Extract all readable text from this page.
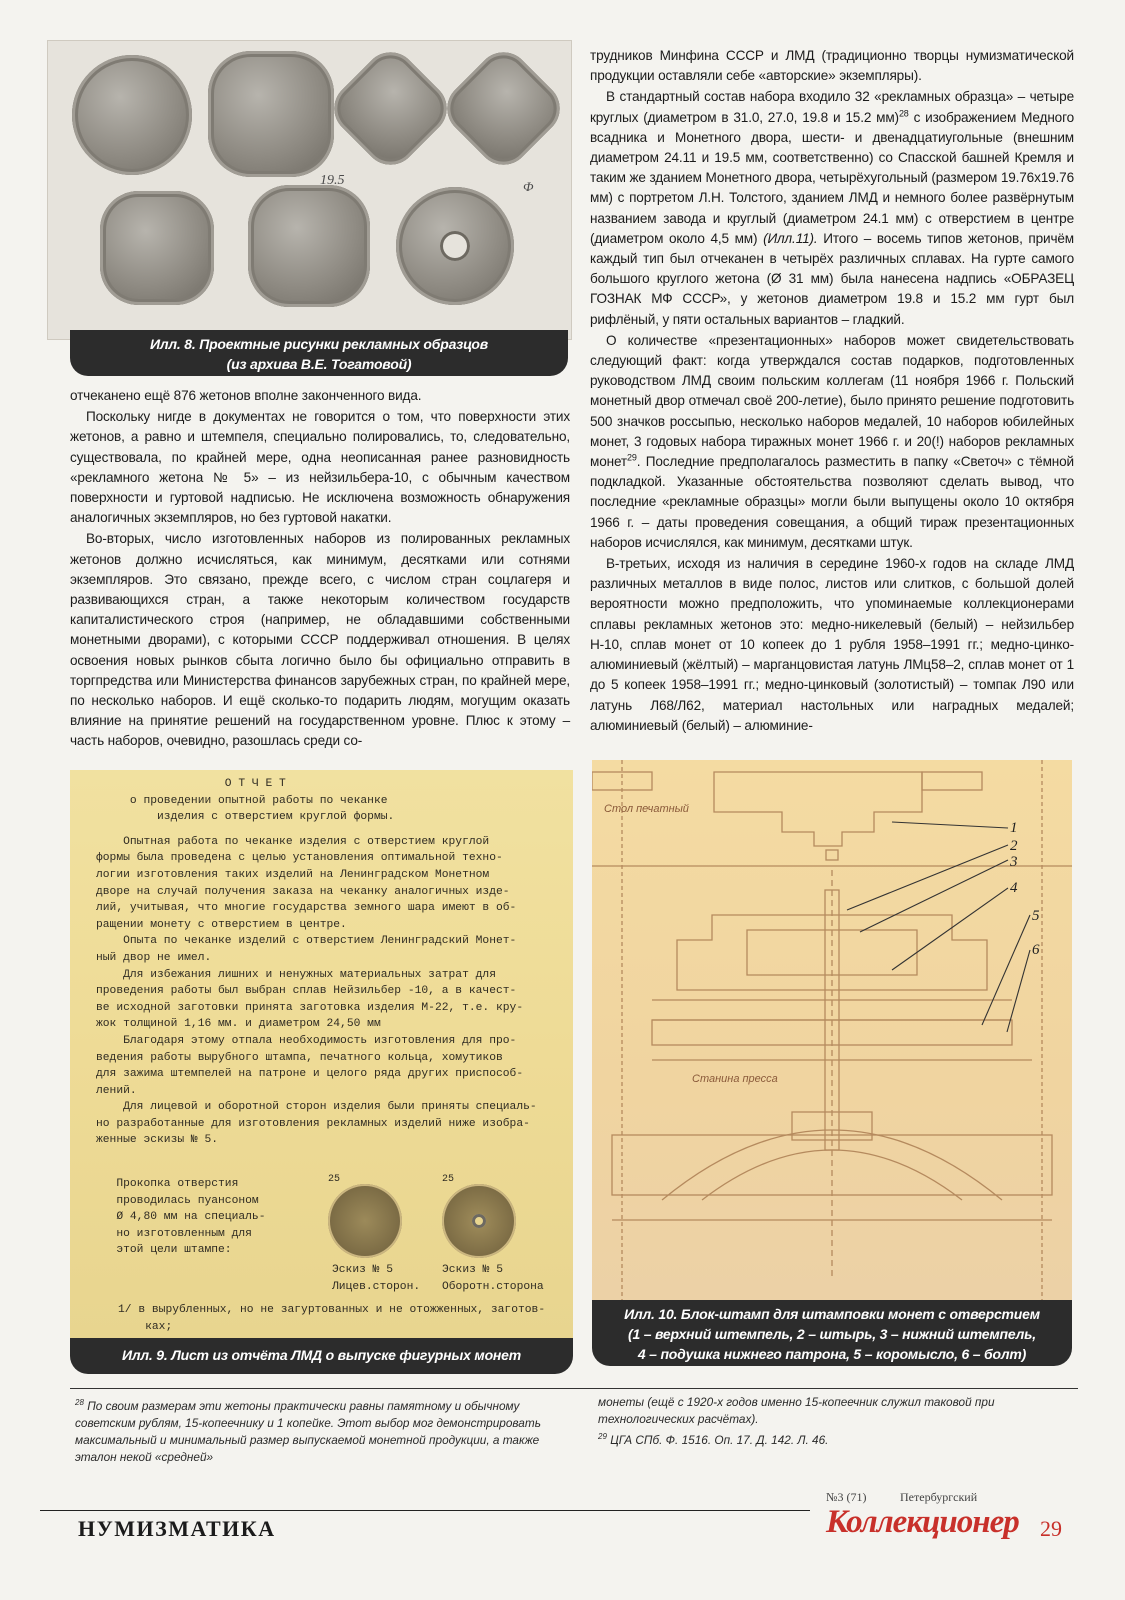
19.5	Ф
Илл. 8. Проектные рисунки рекламных образцов
(из архива В.Е. Тогатовой)

отчеканено ещё 876 жетонов вполне законченного вида.

Поскольку нигде в документах не говорится о том, что поверхности этих жетонов, а равно и штемпеля, специально полировались, то, следовательно, существовала, по крайней мере, одна неописанная ранее разновидность «рекламного жетона № 5» – из нейзильбера-10, с обычным качеством поверхности и гуртовой надписью. Не исключена возможность обнаружения аналогичных экземпляров, но без гуртовой накатки.

Во-вторых, число изготовленных наборов из полированных рекламных жетонов должно исчисляться, как минимум, десятками или сотнями экземпляров. Это связано, прежде всего, с числом стран соцлагеря и развивающихся стран, а также некоторым количеством государств капиталистического строя (например, не обладавшими собственными монетными дворами), с которыми СССР поддерживал отношения. В целях освоения новых рынков сбыта логично было бы официально отправить в торгпредства или Министерства финансов зарубежных стран, по крайней мере, по несколько наборов. И ещё сколько-то подарить людям, могущим оказать влияние на принятие решений на государственном уровне. Плюс к этому – часть наборов, очевидно, разошлась среди со-

трудников Минфина СССР и ЛМД (традиционно творцы нумизматической продукции оставляли себе «авторские» экземпляры).

В стандартный состав набора входило 32 «рекламных образца» – четыре круглых (диаметром в 31.0, 27.0, 19.8 и 15.2 мм)$^{28}$ с изображением Медного всадника и Монетного двора, шести- и двенадцатиугольные (внешним диаметром 24.11 и 19.5 мм, соответственно) со Спасской башней Кремля и таким же зданием Монетного двора, четырёхугольный (размером 19.76x19.76 мм) с портретом Л.Н. Толстого, зданием ЛМД и немного более развёрнутым названием завода и круглый (диаметром 24.1 мм) с отверстием в центре (диаметром около 4,5 мм) (Илл.11). Итого – восемь типов жетонов, причём каждый тип был отчеканен в четырёх различных сплавах. На гурте самого большого круглого жетона (Ø 31 мм) была нанесена надпись «ОБРАЗЕЦ ГОЗНАК МФ СССР», у жетонов диаметром 19.8 и 15.2 мм гурт был рифлёный, у пяти остальных вариантов – гладкий.

О количестве «презентационных» наборов может свидетельствовать следующий факт: когда утверждался состав подарков, подготовленных руководством ЛМД своим польским коллегам (11 ноября 1966 г. Польский монетный двор отмечал своё 200-летие), было принято решение подготовить 500 значков россыпью, несколько наборов медалей, 10 наборов юбилейных монет, 3 годовых набора тиражных монет 1966 г. и 20(!) наборов рекламных монет$^{29}$. Последние предполагалось разместить в папку «Светоч» с тёмной подкладкой. Указанные обстоятельства позволяют сделать вывод, что последние «рекламные образцы» могли были выпущены около 10 октября 1966 г. – даты проведения совещания, а общий тираж презентационных наборов исчислялся, как минимум, десятками штук.

В-третьих, исходя из наличия в середине 1960-х годов на складе ЛМД различных металлов в виде полос, листов или слитков, с большой долей вероятности можно предположить, что упоминаемые коллекционерами сплавы рекламных жетонов это: медно-никелевый (белый) – нейзильбер Н-10, сплав монет от 10 копеек до 1 рубля 1958–1991 гг.; медно-цинко-алюминиевый (жёлтый) – марганцовистая латунь ЛМц58–2, сплав монет от 1 до 5 копеек 1958–1991 гг.; медно-цинковый (золотистый) – томпак Л90 или латунь Л68/Л62, материал настольных или наградных медалей; алюминиевый (белый) – алюминие-

О Т Ч Е Т
о проведении опытной работы по чеканке
изделия с отверстием круглой формы.
Опытная работа по чеканке изделия с отверстием круглой
формы была проведена с целью установления оптимальной техно-
логии изготовления таких изделий на Ленинградском Монетном
дворе на случай получения заказа на чеканку аналогичных изде-
лий, учитывая, что многие государства земного шара имеют в об-
ращении монету с отверстием в центре.
Опыта по чеканке изделий с отверстием Ленинградский Монет-
ный двор не имел.
Для избежания лишних и ненужных материальных затрат для
проведения работы был выбран сплав Нейзильбер -10, а в качест-
ве исходной заготовки принята заготовка изделия М-22, т.е. кру-
жок толщиной 1,16 мм. и диаметром 24,50 мм
Благодаря этому отпала необходимость изготовления для про-
ведения работы вырубного штампа, печатного кольца, хомутиков
для зажима штемпелей на патроне и целого ряда других приспособ-
лений.
Для лицевой и оборотной сторон изделия были приняты специаль-
но разработанные для изготовления рекламных изделий ниже изобра-
женные эскизы № 5.
Прокопка отверстия
проводилась пуансоном
Ø 4,80 мм на специаль-
но изготовленным для
этой цели штампе:
25	25
Эскиз № 5
Лицев.сторон.
Эскиз № 5
Оборотн.сторона
1/ в вырубленных, но не загуртованных и не отожженных, заготов-
ках;
Илл. 9. Лист из отчёта ЛМД о выпуске фигурных монет
1
2
3
4
5
6
Стол печатный
Станина пресса
Илл. 10. Блок-штамп для штамповки монет с отверстием
(1 – верхний штемпель, 2 – штырь, 3 – нижний штемпель,
4 – подушка нижнего патрона, 5 – коромысло, 6 – болт)
$^{28}$ По своим размерам эти жетоны практически равны памятному и обычному советским рублям, 15-копеечнику и 1 копейке. Этот выбор мог демонстрировать максимальный и минимальный размер выпускаемой монетной продукции, а также эталон некой «средней»
монеты (ещё с 1920-х годов именно 15-копеечник служил таковой при технологических расчётах).
$^{29}$ ЦГА СПб. Ф. 1516. Оп. 17. Д. 142. Л. 46.
НУМИЗМАТИКА
№3 (71)	Петербургский
Коллекционер 29
